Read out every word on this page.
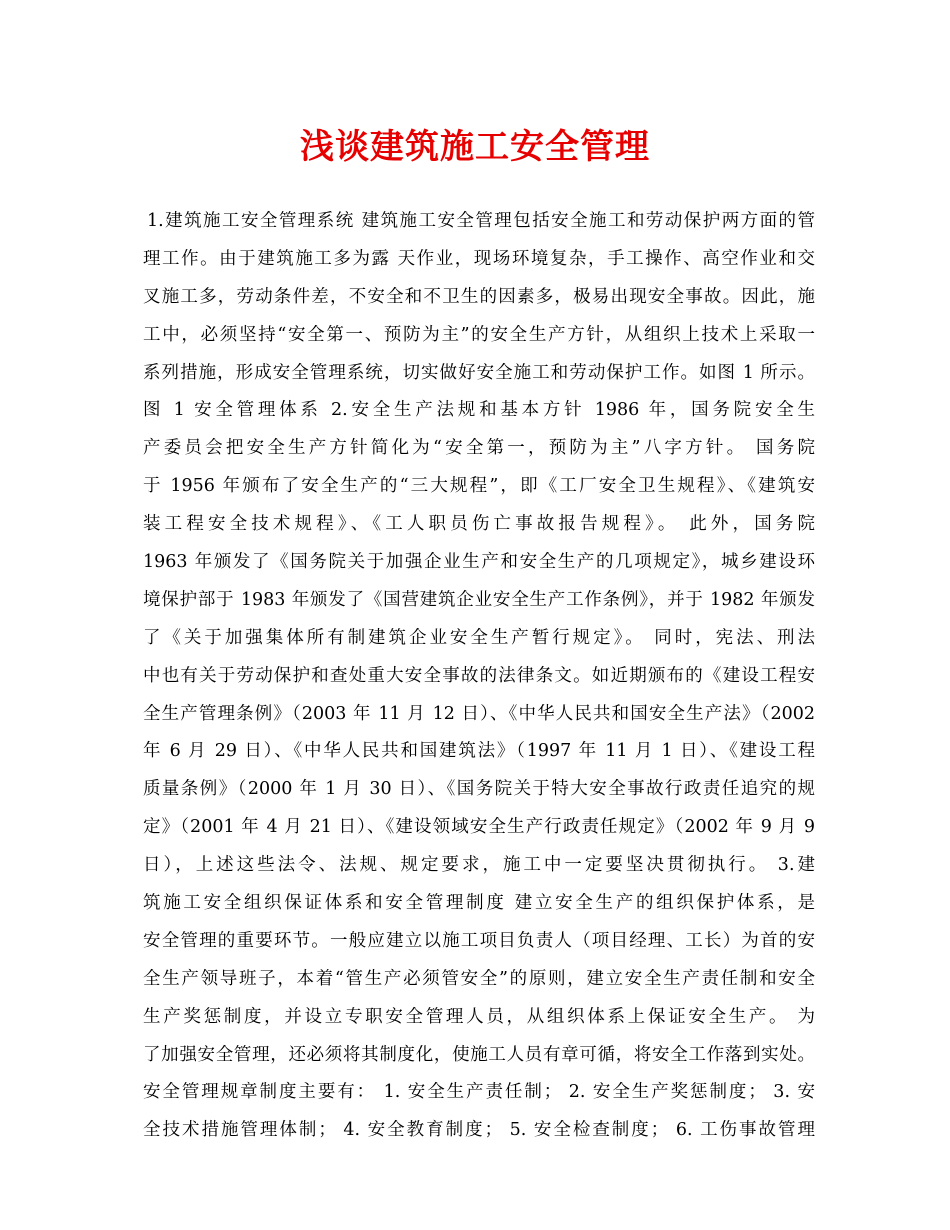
浅谈建筑施工安全管理
1.建筑施工安全管理系统 建筑施工安全管理包括安全施工和劳动保护两方面的管
理工作。由于建筑施工多为露 天作业，现场环境复杂，手工操作、高空作业和交
叉施工多，劳动条件差，不安全和不卫生的因素多，极易出现安全事故。因此，施
工中，必须坚持“安全第一、预防为主”的安全生产方针，从组织上技术上采取一
系列措施，形成安全管理系统，切实做好安全施工和劳动保护工作。如图 1 所示。
图 1 安全管理体系 2.安全生产法规和基本方针 1986 年，国务院安全生
产委员会把安全生产方针简化为“安全第一，预防为主”八字方针。 国务院
于 1956 年颁布了安全生产的“三大规程”，即《工厂安全卫生规程》、《建筑安
装工程安全技术规程》、《工人职员伤亡事故报告规程》。 此外，国务院
1963 年颁发了《国务院关于加强企业生产和安全生产的几项规定》，城乡建设环
境保护部于 1983 年颁发了《国营建筑企业安全生产工作条例》，并于 1982 年颁发
了《关于加强集体所有制建筑企业安全生产暂行规定》。 同时，宪法、刑法
中也有关于劳动保护和查处重大安全事故的法律条文。如近期颁布的《建设工程安
全生产管理条例》（2003 年 11 月 12 日）、《中华人民共和国安全生产法》（2002
年 6 月 29 日）、《中华人民共和国建筑法》（1997 年 11 月 1 日）、《建设工程
质量条例》（2000 年 1 月 30 日）、《国务院关于特大安全事故行政责任追究的规
定》（2001 年 4 月 21 日）、《建设领域安全生产行政责任规定》（2002 年 9 月 9
日），上述这些法令、法规、规定要求，施工中一定要坚决贯彻执行。 3.建
筑施工安全组织保证体系和安全管理制度 建立安全生产的组织保护体系，是
安全管理的重要环节。一般应建立以施工项目负责人（项目经理、工长）为首的安
全生产领导班子，本着“管生产必须管安全”的原则，建立安全生产责任制和安全
生产奖惩制度，并设立专职安全管理人员，从组织体系上保证安全生产。 为
了加强安全管理，还必须将其制度化，使施工人员有章可循，将安全工作落到实处。
安全管理规章制度主要有： 1. 安全生产责任制； 2. 安全生产奖惩制度； 3. 安
全技术措施管理体制； 4. 安全教育制度； 5. 安全检查制度； 6. 工伤事故管理
